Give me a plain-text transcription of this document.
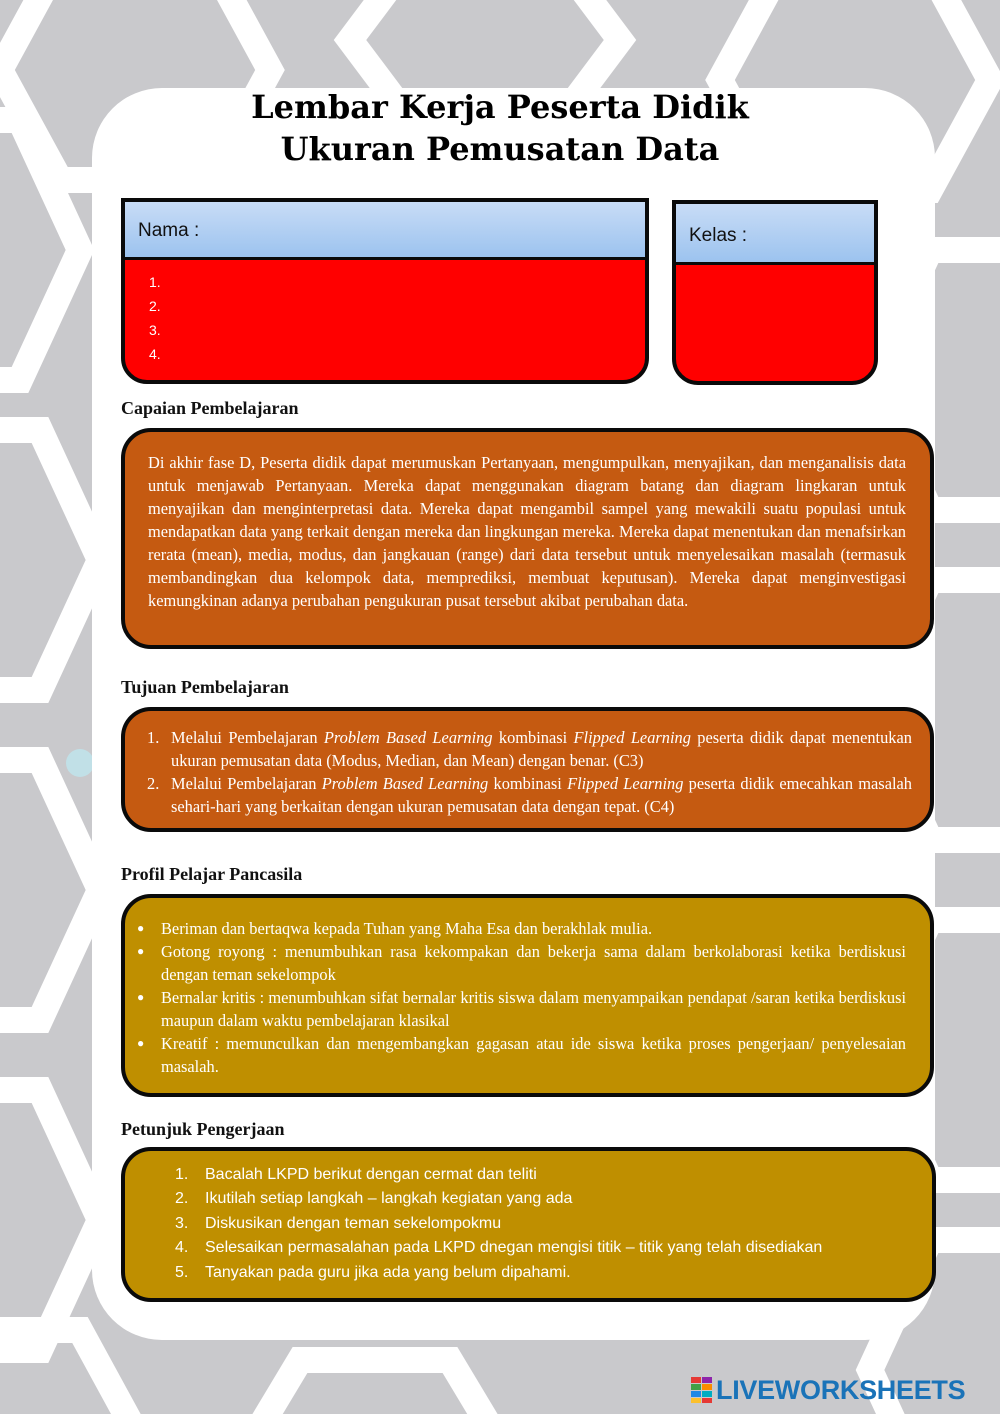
Lembar Kerja Peserta Didik
Ukuran Pemusatan Data
Nama :
1.
2.
3.
4.
Kelas :
Capaian Pembelajaran

Di akhir fase D, Peserta didik dapat merumuskan Pertanyaan, mengumpulkan, menyajikan, dan menganalisis data untuk menjawab Pertanyaan. Mereka dapat menggunakan diagram batang dan diagram lingkaran untuk menyajikan dan menginterpretasi data. Mereka dapat mengambil sampel yang mewakili suatu populasi untuk mendapatkan data yang terkait dengan mereka dan lingkungan mereka. Mereka dapat menentukan dan menafsirkan rerata (mean), media, modus, dan jangkauan (range) dari data tersebut untuk menyelesaikan masalah (termasuk membandingkan dua kelompok data, memprediksi, membuat keputusan). Mereka dapat menginvestigasi kemungkinan adanya perubahan pengukuran pusat tersebut akibat perubahan data.

Tujuan Pembelajaran
1. Melalui Pembelajaran Problem Based Learning kombinasi Flipped Learning peserta didik dapat menentukan ukuran pemusatan data (Modus, Median, dan Mean) dengan benar. (C3)
2. Melalui Pembelajaran Problem Based Learning kombinasi Flipped Learning peserta didik emecahkan masalah sehari-hari yang berkaitan dengan ukuran pemusatan data dengan tepat. (C4)
Profil Pelajar Pancasila
●	Beriman dan bertaqwa kepada Tuhan yang Maha Esa dan berakhlak mulia.
●	Gotong royong : menumbuhkan rasa kekompakan dan bekerja sama dalam berkolaborasi ketika berdiskusi dengan teman sekelompok
●	Bernalar kritis : menumbuhkan sifat bernalar kritis siswa dalam menyampaikan pendapat /saran ketika berdiskusi maupun dalam waktu pembelajaran klasikal
●	Kreatif : memunculkan dan mengembangkan gagasan atau ide siswa ketika proses pengerjaan/ penyelesaian masalah.
Petunjuk Pengerjaan
1.	Bacalah LKPD berikut dengan cermat dan teliti
2.	Ikutilah setiap langkah – langkah kegiatan yang ada
3.	Diskusikan dengan teman sekelompokmu
4.	Selesaikan permasalahan pada LKPD dnegan mengisi titik – titik yang telah disediakan
5.	Tanyakan pada guru jika ada yang belum dipahami.
LIVEWORKSHEETS
